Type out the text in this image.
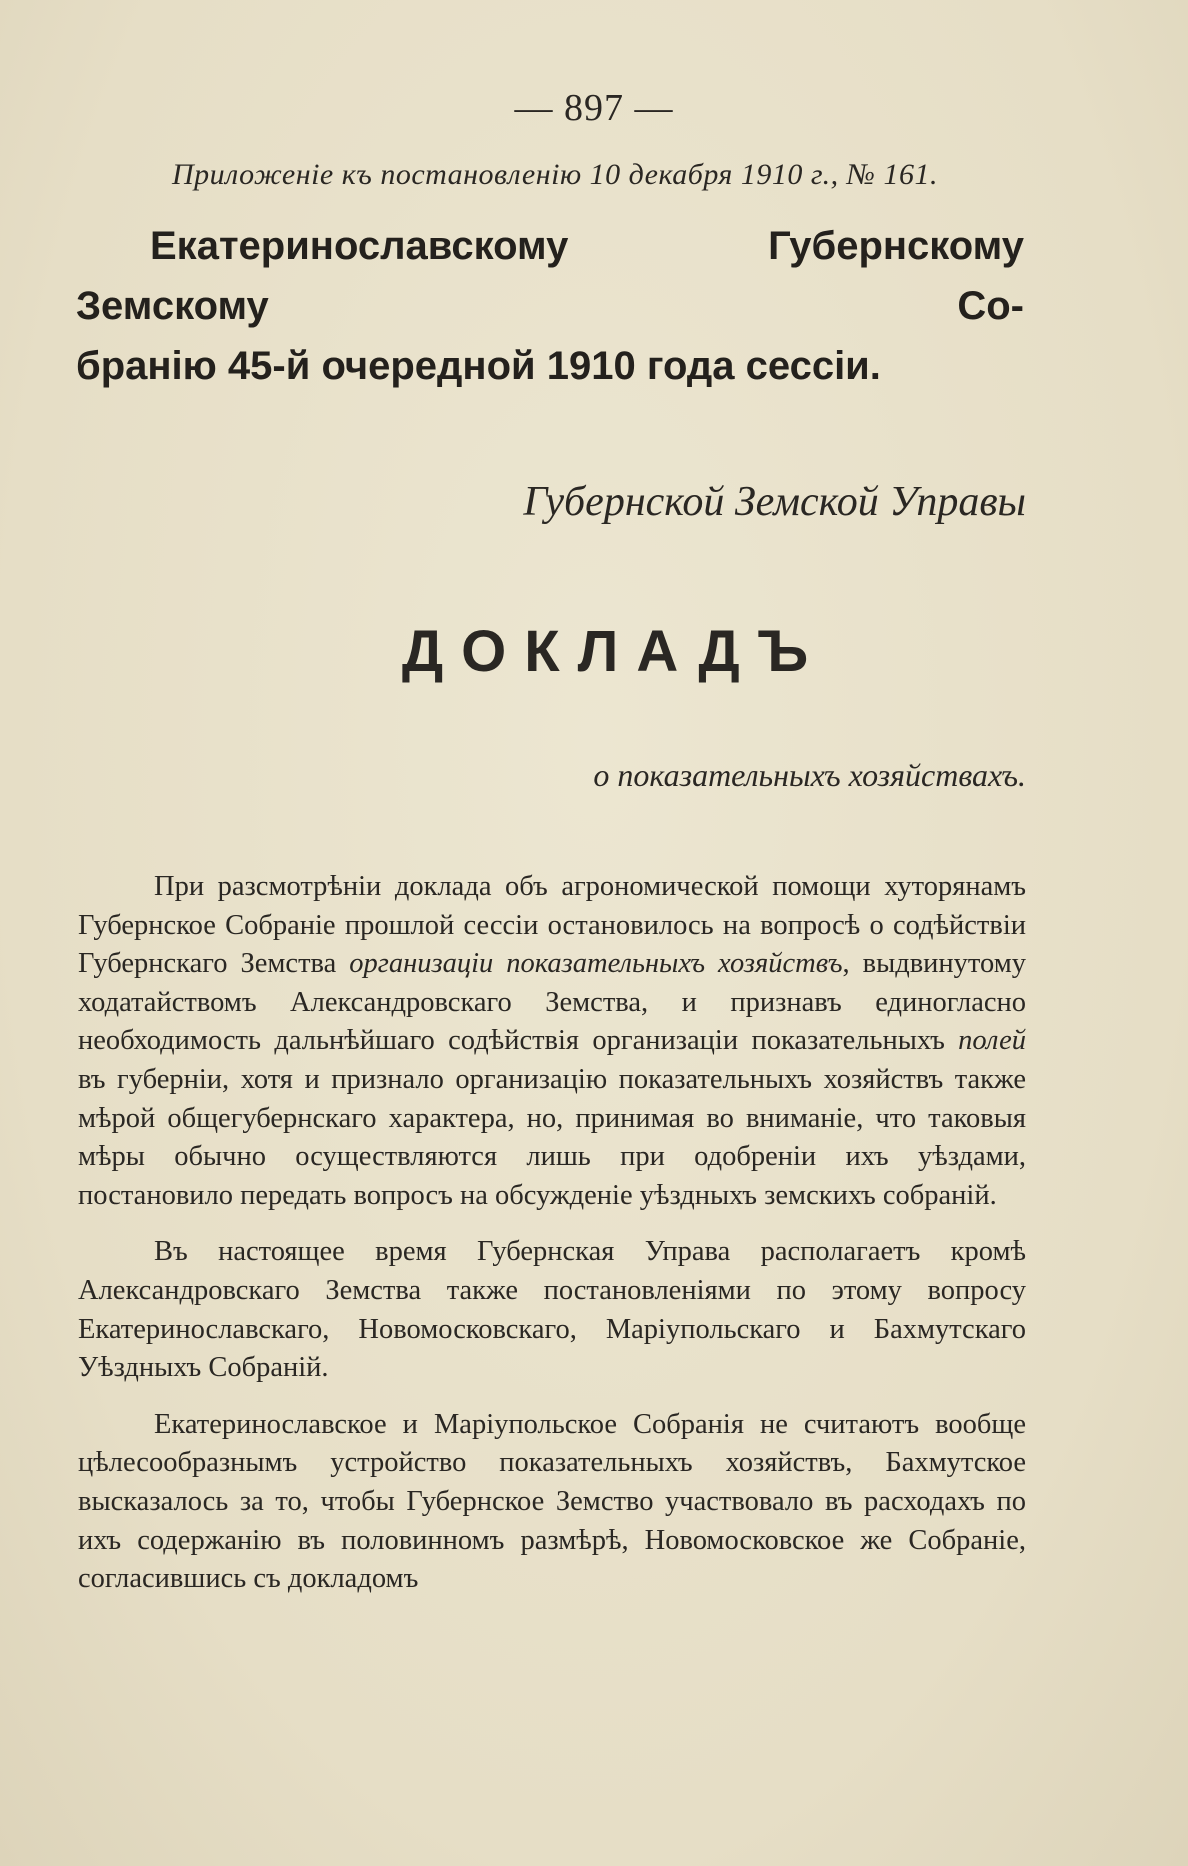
— 897 —
Приложенiе къ постановленiю 10 декабря 1910 г., № 161.
Екатеринославскому Губернскому Земскому Со-
бранiю 45-й очередной 1910 года сессiи.
Губернской Земской Управы
ДОКЛАДЪ
о показательныхъ хозяйствахъ.

При разсмотрѣнiи доклада объ агрономической помощи хуторянамъ Губернское Собранiе прошлой сессiи остановилось на вопросѣ о содѣйствiи Губернскаго Земства организацiи показательныхъ хозяйствъ, выдвинутому ходатайствомъ Александровскаго Земства, и признавъ единогласно необходимость дальнѣйшаго содѣйствiя организацiи показательныхъ полей въ губернiи, хотя и признало организацiю показательныхъ хозяйствъ также мѣрой общегубернскаго характера, но, принимая во вниманiе, что таковыя мѣры обычно осуществляются лишь при одобренiи ихъ уѣздами, постановило передать вопросъ на обсужденiе уѣздныхъ земскихъ собранiй.

Въ настоящее время Губернская Управа располагаетъ кромѣ Александровскаго Земства также постановленiями по этому вопросу Екатеринославскаго, Новомосковскаго, Марiупольскаго и Бахмутскаго Уѣздныхъ Собранiй.

Екатеринославское и Марiупольское Собранiя не считаютъ вообще цѣлесообразнымъ устройство показательныхъ хозяйствъ, Бахмутское высказалось за то, чтобы Губернское Земство участвовало въ расходахъ по ихъ содержанiю въ половинномъ размѣрѣ, Новомосковское же Собранiе, согласившись съ докладомъ
